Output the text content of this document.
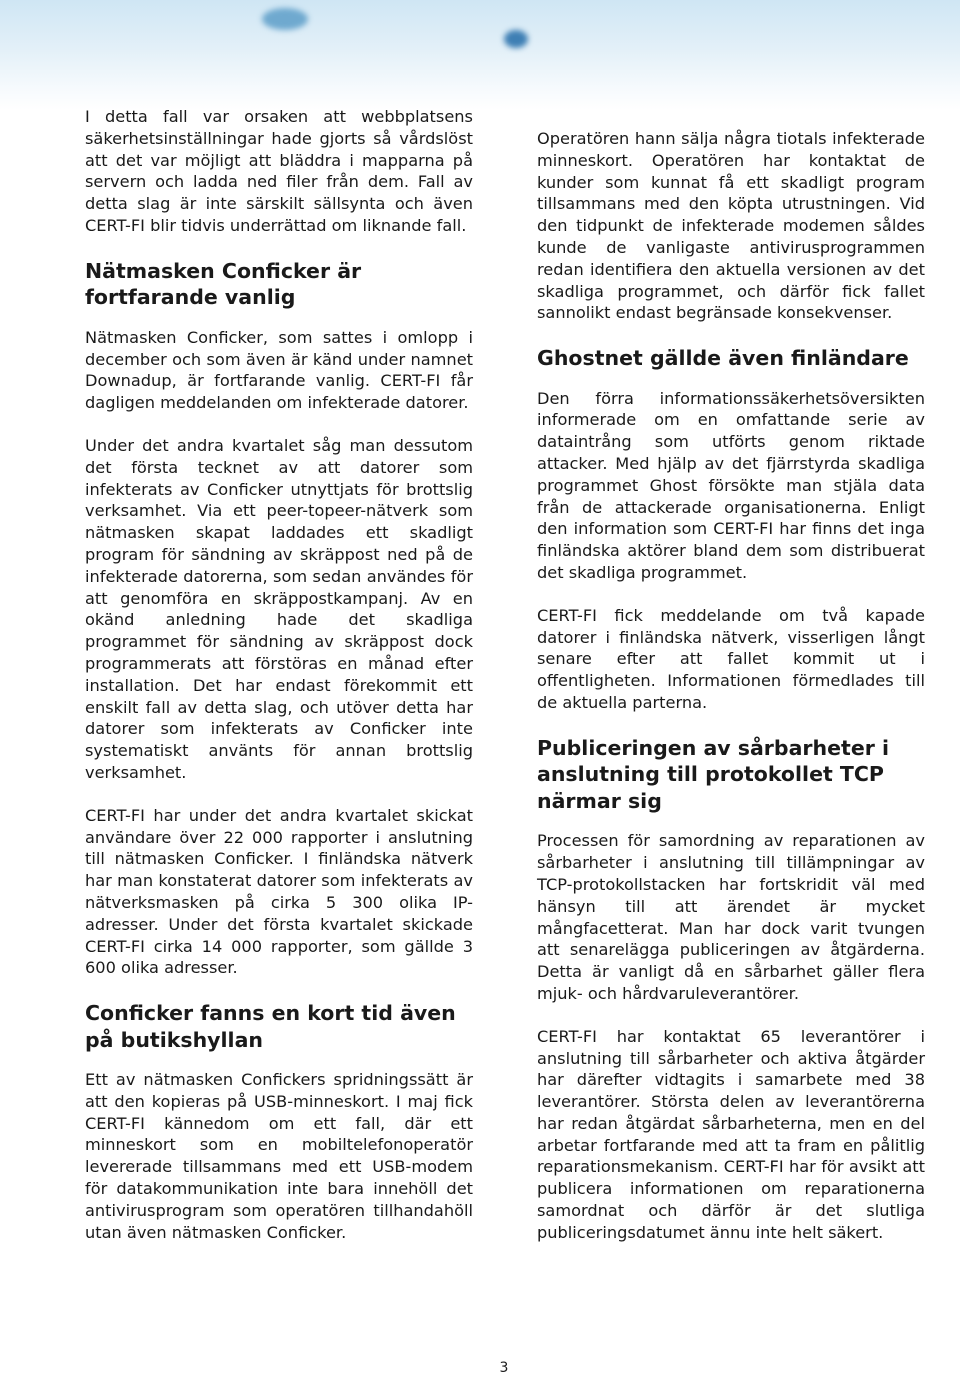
I detta fall var orsaken att webbplatsens säkerhetsinställningar hade gjorts så vårdslöst att det var möjligt att bläddra i mapparna på servern och ladda ned filer från dem. Fall av detta slag är inte särskilt sällsynta och även CERT-FI blir tidvis underrättad om liknande fall.

Nätmasken Conficker är fortfarande vanlig

Nätmasken Conficker, som sattes i omlopp i december och som även är känd under namnet Downadup, är fortfarande vanlig. CERT-FI får dagligen meddelanden om infekterade datorer.

Under det andra kvartalet såg man dessutom det första tecknet av att datorer som infekterats av Conficker utnyttjats för brottslig verksamhet. Via ett peer-topeer-nätverk som nätmasken skapat laddades ett skadligt program för sändning av skräppost ned på de infekterade datorerna, som sedan användes för att genomföra en skräppostkampanj. Av en okänd anledning hade det skadliga programmet för sändning av skräppost dock programmerats att förstöras en månad efter installation. Det har endast förekommit ett enskilt fall av detta slag, och utöver detta har datorer som infekterats av Conficker inte systematiskt använts för annan brottslig verksamhet.

CERT-FI har under det andra kvartalet skickat användare över 22 000 rapporter i anslutning till nätmasken Conficker. I finländska nätverk har man konstaterat datorer som infekterats av nätverksmasken på cirka 5 300 olika IP-adresser. Under det första kvartalet skickade CERT-FI cirka 14 000 rapporter, som gällde 3 600 olika adresser.

Conficker fanns en kort tid även på butikshyllan

Ett av nätmasken Confickers spridningssätt är att den kopieras på USB-minneskort. I maj fick CERT-FI kännedom om ett fall, där ett minneskort som en mobiltelefonoperatör levererade tillsammans med ett USB-modem för datakommunikation inte bara innehöll det antivirusprogram som operatören tillhandahöll utan även nätmasken Conficker.

Operatören hann sälja några tiotals infekterade minneskort. Operatören har kontaktat de kunder som kunnat få ett skadligt program tillsammans med den köpta utrustningen. Vid den tidpunkt de infekterade modemen såldes kunde de vanligaste antivirusprogrammen redan identifiera den aktuella versionen av det skadliga programmet, och därför fick fallet sannolikt endast begränsade konsekvenser.

Ghostnet gällde även finländare

Den förra informationssäkerhetsöversikten informerade om en omfattande serie av dataintrång som utförts genom riktade attacker. Med hjälp av det fjärrstyrda skadliga programmet Ghost försökte man stjäla data från de attackerade organisationerna. Enligt den information som CERT-FI har finns det inga finländska aktörer bland dem som distribuerat det skadliga programmet.

CERT-FI fick meddelande om två kapade datorer i finländska nätverk, visserligen långt senare efter att fallet kommit ut i offentligheten. Informationen förmedlades till de aktuella parterna.

Publiceringen av sårbarheter i anslutning till protokollet TCP närmar sig

Processen för samordning av reparationen av sårbarheter i anslutning till tillämpningar av TCP-protokollstacken har fortskridit väl med hänsyn till att ärendet är mycket mångfacetterat. Man har dock varit tvungen att senarelägga publiceringen av åtgärderna. Detta är vanligt då en sårbarhet gäller flera mjuk- och hårdvaruleverantörer.

CERT-FI har kontaktat 65 leverantörer i anslutning till sårbarheter och aktiva åtgärder har därefter vidtagits i samarbete med 38 leverantörer. Största delen av leverantörerna har redan åtgärdat sårbarheterna, men en del arbetar fortfarande med att ta fram en pålitlig reparationsmekanism. CERT-FI har för avsikt att publicera informationen om reparationerna samordnat och därför är det slutliga publiceringsdatumet ännu inte helt säkert.

3
